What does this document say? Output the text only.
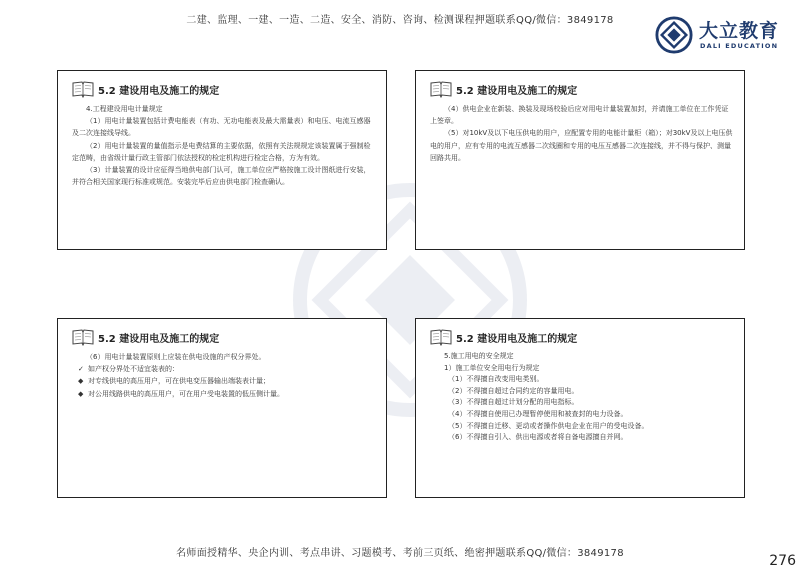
二建、监理、一建、一造、二造、安全、消防、咨询、检测课程押题联系QQ/微信：3849178	大立教育
DALI EDUCATION
5.2 建设用电及施工的规定

4.工程建设用电计量规定

（1）用电计量装置包括计费电能表（有功、无功电能表及最大需量表）和电压、电流互感器及二次连接线导线。

（2）用电计量装置的量值指示是电费结算的主要依据，依照有关法规规定该装置属于强制检定范畴，由省级计量行政主管部门依法授权的检定机构进行检定合格，方为有效。

（3）计量装置的设计应征得当地供电部门认可，施工单位应严格按施工设计图纸进行安装，并符合相关国家现行标准或规范。安装完毕后应由供电部门检查确认。

5.2 建设用电及施工的规定

（4）供电企业在新装、换装及现场校验后应对用电计量装置加封，并请施工单位在工作凭证上签章。

（5）对10kV及以下电压供电的用户，应配置专用的电能计量柜（箱）；对30kV及以上电压供电的用户，应有专用的电流互感器二次线圈和专用的电压互感器二次连接线，并不得与保护、测量回路共用。

5.2 建设用电及施工的规定

（6）用电计量装置原则上应装在供电设施的产权分界处。

✓ 如产权分界处不适宜装表的：
◆ 对专线供电的高压用户，可在供电变压器输出端装表计量；
◆ 对公用线路供电的高压用户，可在用户受电装置的低压侧计量。
5.2 建设用电及施工的规定

5.施工用电的安全规定

1）施工单位安全用电行为规定

（1）不得擅自改变用电类别。

（2）不得擅自超过合同约定的容量用电。

（3）不得擅自超过计划分配的用电指标。

（4）不得擅自使用已办理暂停使用和被查封的电力设备。

（5）不得擅自迁移、更动或者操作供电企业在用户的受电设备。

（6）不得擅自引入、供出电源或者将自备电源擅自并网。

名师面授精华、央企内训、考点串讲、习题模考、考前三页纸、绝密押题联系QQ/微信：3849178	276
